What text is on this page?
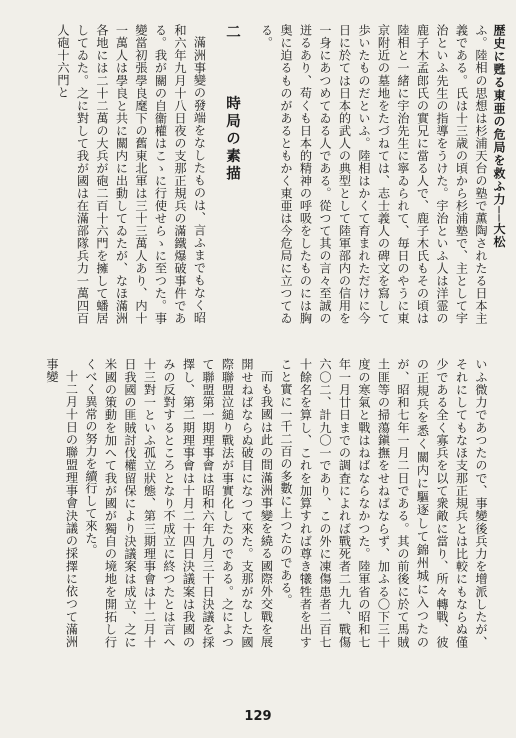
歴史に甦る東亜の危局を救ふ力──大松

ふ。陸相の思想は杉浦天台の塾で薫陶されたる日本主義である。氏は十三歳の頃から杉浦塾で、主として宇治といふ先生の指導をうけた。宇治といふ人は洋霊の鹿子木孟郎氏の實兄に當る人で、鹿子木氏もその頃は陸相と一緒に宇治先生に寧ゐられて、毎日のやうに東京附近の墓地をたづねては、志士義人の碑文を寫して歩いたものだといふ。陸相はかくて育まれただけに今日に於ては日本的武人の典型として陸軍部内の信用を一身にあつめてゐる人である。從つて其の言々至誠の迸るあり、苟くも日本的精神の呼吸をしたものには胸奥に迫るものがあるともかく東亜は今危局に立つてゐる。

二  時局の素描

滿洲事變の發端をなしたものは、言ふまでもなく昭和六年九月十八日夜の支那正規兵の滿鐵爆破事件である。我が關の自衞權はこゝに行使せらゝに至つた。事變當初張學良麾下の舊東北軍は三十三萬人あり、内十一萬人は學良と共に關内に出動してゐたが、なほ滿洲各地には二十二萬の大兵が砲二百十六門を擁して蟠居してゐた。之に對して我が國は在滿部隊兵力一萬四百人砲十六門と

いふ微力であつたので、事變後兵力を增派したが、それにしてもなほ支那正規兵とは比較にもならぬ僅少である全く寡兵を以て衆敵に當り、所々轉戰、彼の正規兵を悉く關内に驅逐して錦州城に入つたのが、昭和七年一月二日である。其の前後に於て馬賊土匪等の掃蕩鎭撫をせねばならず、加ふる〇下三十度の寒氣と戰はねばならなかつた。陸軍省の昭和七年一月廿日までの調査によれば戰死者二九九、戰傷六〇二、計九〇一であり、この外に凍傷患者二百七十餘名を算し、これを加算すれば尊き犧牲者を出すこと實に一千二百の多數に上つたのである。

而も我國は此の間滿洲事變を繞る國際外交戰を展開せねばならぬ破目になつて來た。支那がなした國際聯盟泣縋り戰法が事實化したのである。之によつて聯盟第一期理事會は昭和六年九月三十日決議を採擇し、第二期理事會は十月二十四日決議案は我國のみの反對するところとなり不成立に終つたとは言へ十三對一といふ孤立狀態、第三期理事會は十二月十日我國の匪賊討伐權留保により決議案は成立、之に米國の策動を加へて我が國が獨自の境地を開拓し行くべく異常の努力を續行して來た。

十二月十日の聯盟理事會決議の採擇に依つて滿洲事變

129
